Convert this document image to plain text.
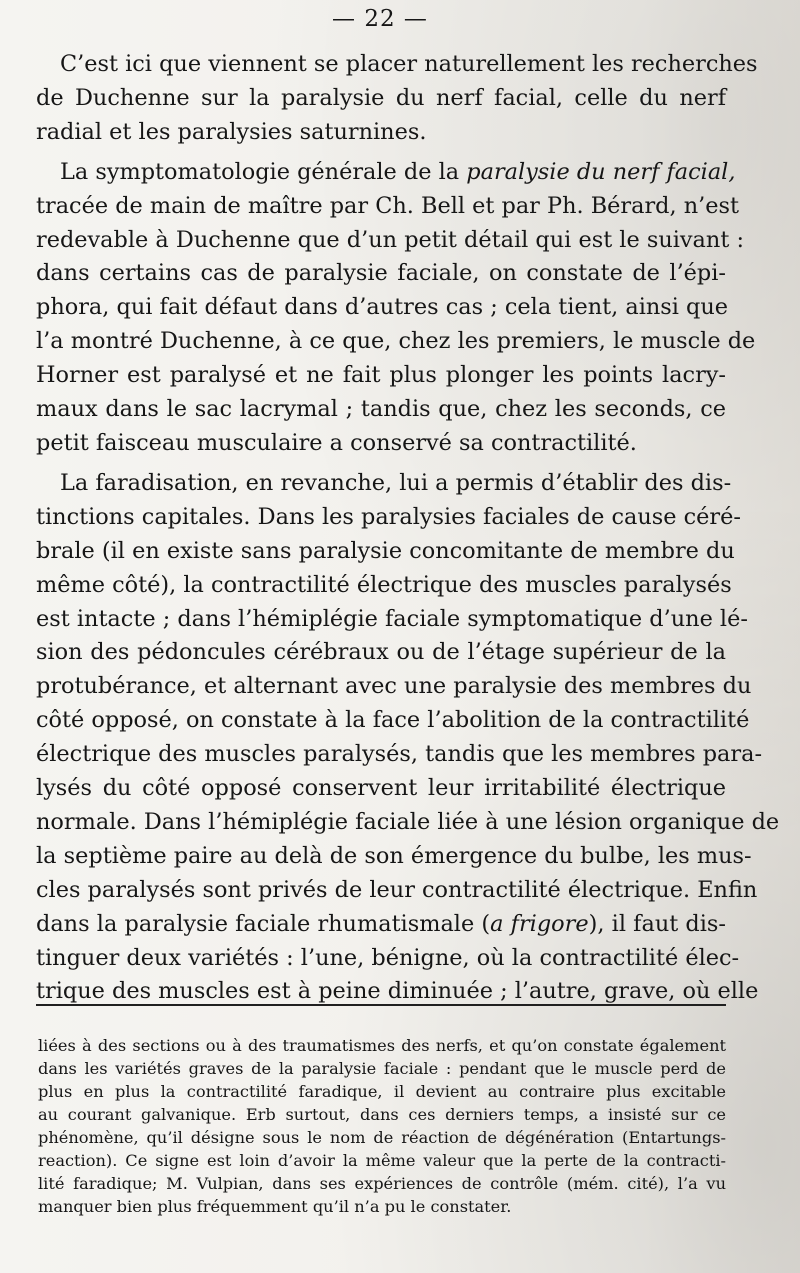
— 22 —

C’est ici que viennent se placer naturellement les recherches
de Duchenne sur la paralysie du nerf facial, celle du nerf
radial et les paralysies saturnines.

La symptomatologie générale de la paralysie du nerf facial,
tracée de main de maître par Ch. Bell et par Ph. Bérard, n’est
redevable à Duchenne que d’un petit détail qui est le suivant :
dans certains cas de paralysie faciale, on constate de l’épi-
phora, qui fait défaut dans d’autres cas ; cela tient, ainsi que
l’a montré Duchenne, à ce que, chez les premiers, le muscle de
Horner est paralysé et ne fait plus plonger les points lacry-
maux dans le sac lacrymal ; tandis que, chez les seconds, ce
petit faisceau musculaire a conservé sa contractilité.

La faradisation, en revanche, lui a permis d’établir des dis-
tinctions capitales. Dans les paralysies faciales de cause céré-
brale (il en existe sans paralysie concomitante de membre du
même côté), la contractilité électrique des muscles paralysés
est intacte ; dans l’hémiplégie faciale symptomatique d’une lé-
sion des pédoncules cérébraux ou de l’étage supérieur de la
protubérance, et alternant avec une paralysie des membres du
côté opposé, on constate à la face l’abolition de la contractilité
électrique des muscles paralysés, tandis que les membres para-
lysés du côté opposé conservent leur irritabilité électrique
normale. Dans l’hémiplégie faciale liée à une lésion organique de
la septième paire au delà de son émergence du bulbe, les mus-
cles paralysés sont privés de leur contractilité électrique. Enfin
dans la paralysie faciale rhumatismale (a frigore), il faut dis-
tinguer deux variétés : l’une, bénigne, où la contractilité élec-
trique des muscles est à peine diminuée ; l’autre, grave, où elle

liées à des sections ou à des traumatismes des nerfs, et qu’on constate également
dans les variétés graves de la paralysie faciale : pendant que le muscle perd de
plus en plus la contractilité faradique, il devient au contraire plus excitable
au courant galvanique. Erb surtout, dans ces derniers temps, a insisté sur ce
phénomène, qu’il désigne sous le nom de réaction de dégénération (Entartungs-
reaction). Ce signe est loin d’avoir la même valeur que la perte de la contracti-
lité faradique; M. Vulpian, dans ses expériences de contrôle (mém. cité), l’a vu
manquer bien plus fréquemment qu’il n’a pu le constater.
